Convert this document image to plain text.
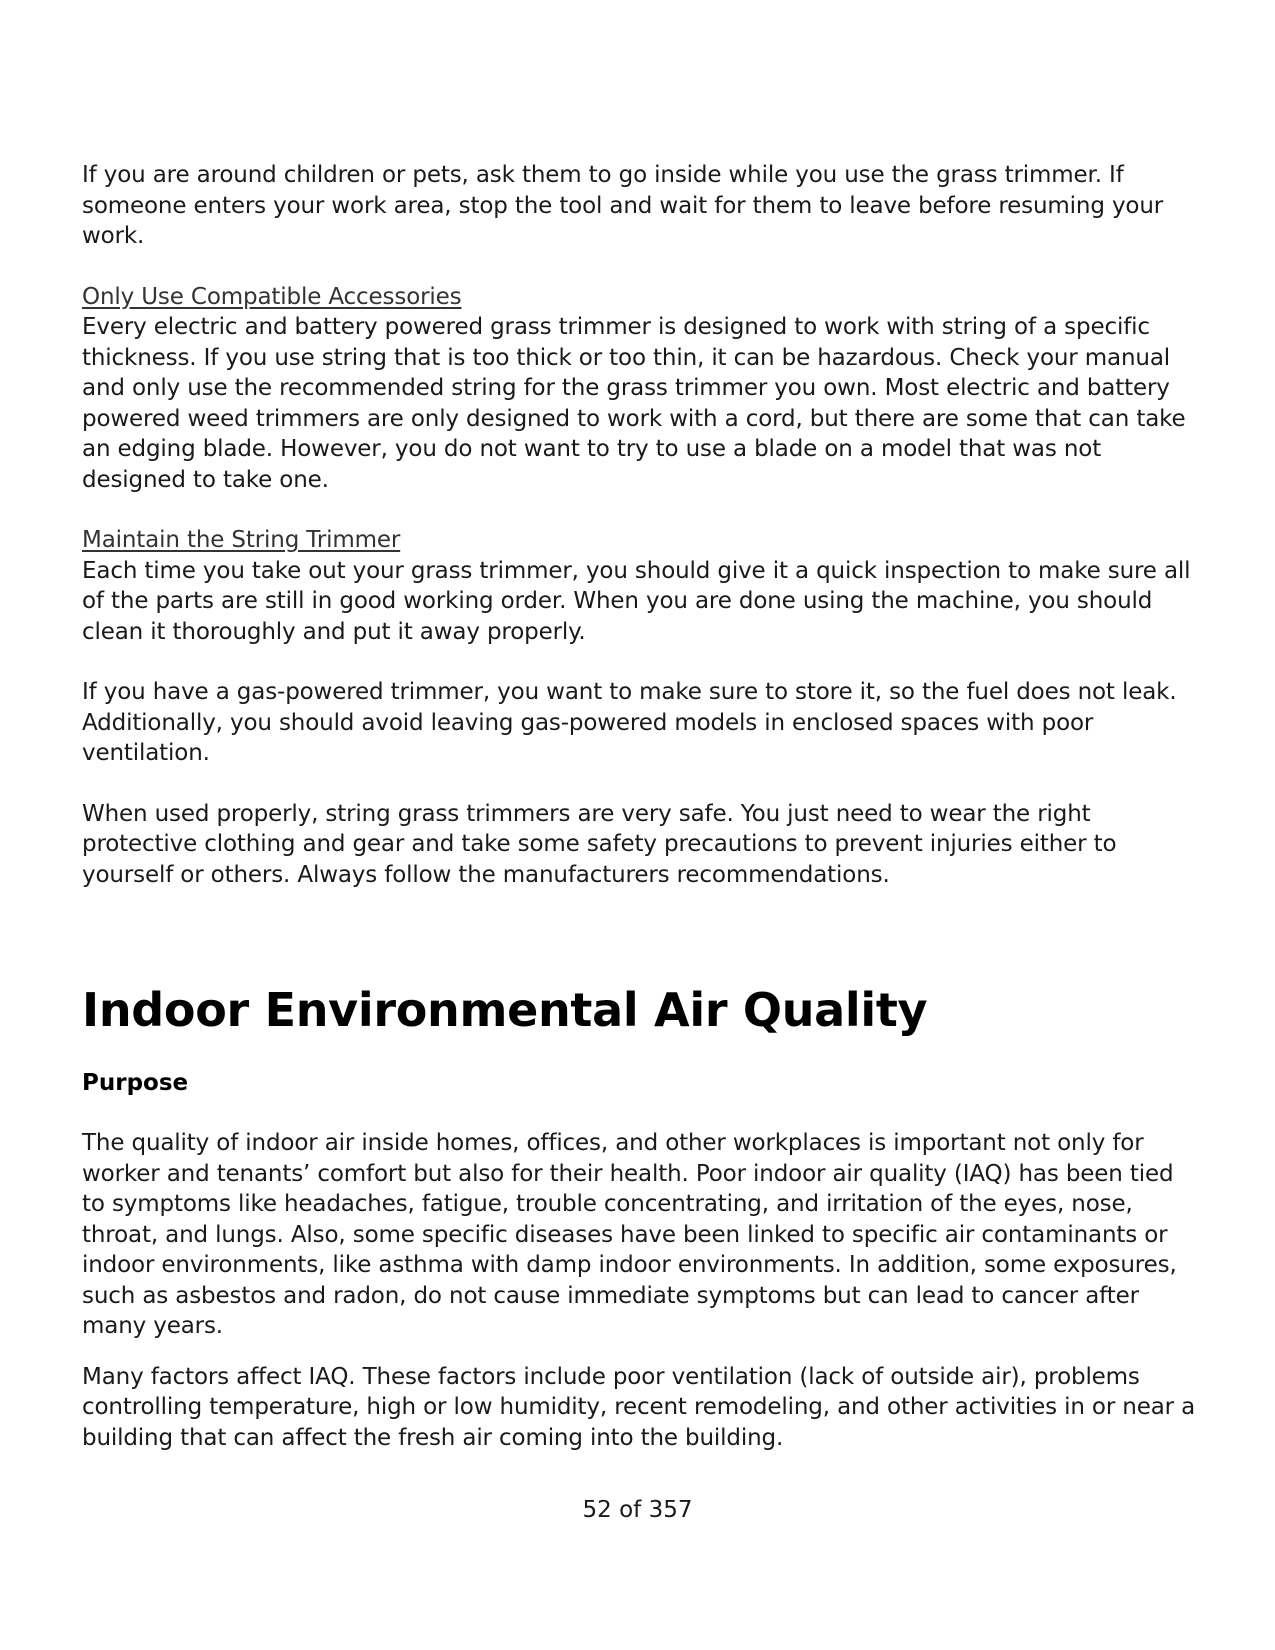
If you are around children or pets, ask them to go inside while you use the grass trimmer. If someone enters your work area, stop the tool and wait for them to leave before resuming your work.

Only Use Compatible Accessories

Every electric and battery powered grass trimmer is designed to work with string of a specific thickness. If you use string that is too thick or too thin, it can be hazardous. Check your manual and only use the recommended string for the grass trimmer you own. Most electric and battery powered weed trimmers are only designed to work with a cord, but there are some that can take an edging blade. However, you do not want to try to use a blade on a model that was not designed to take one.

Maintain the String Trimmer

Each time you take out your grass trimmer, you should give it a quick inspection to make sure all of the parts are still in good working order. When you are done using the machine, you should clean it thoroughly and put it away properly.

If you have a gas-powered trimmer, you want to make sure to store it, so the fuel does not leak. Additionally, you should avoid leaving gas-powered models in enclosed spaces with poor ventilation.

When used properly, string grass trimmers are very safe. You just need to wear the right protective clothing and gear and take some safety precautions to prevent injuries either to yourself or others. Always follow the manufacturers recommendations.

Indoor Environmental Air Quality
Purpose

The quality of indoor air inside homes, offices, and other workplaces is important not only for worker and tenants’ comfort but also for their health. Poor indoor air quality (IAQ) has been tied to symptoms like headaches, fatigue, trouble concentrating, and irritation of the eyes, nose, throat, and lungs. Also, some specific diseases have been linked to specific air contaminants or indoor environments, like asthma with damp indoor environments. In addition, some exposures, such as asbestos and radon, do not cause immediate symptoms but can lead to cancer after many years.

Many factors affect IAQ. These factors include poor ventilation (lack of outside air), problems controlling temperature, high or low humidity, recent remodeling, and other activities in or near a building that can affect the fresh air coming into the building.

52 of 357
